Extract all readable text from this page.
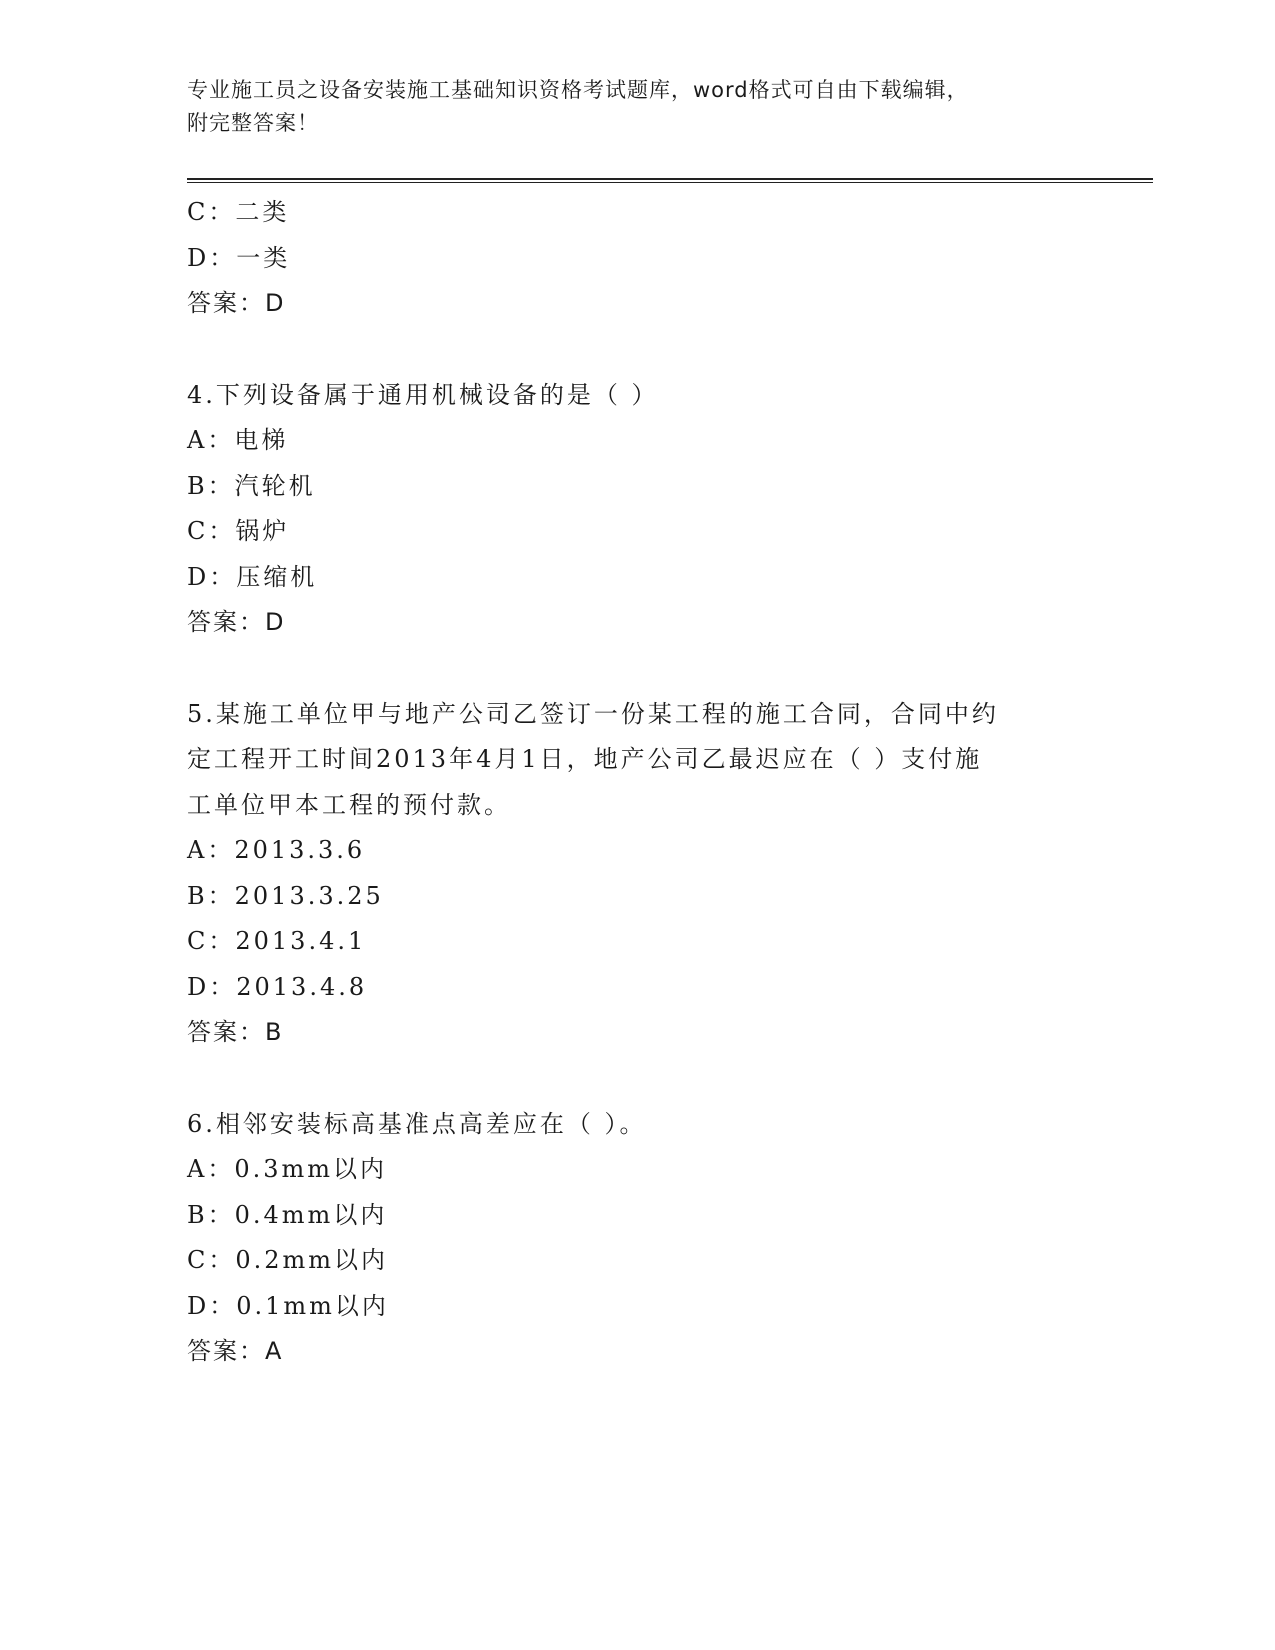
专业施工员之设备安装施工基础知识资格考试题库，word格式可自由下载编辑，
附完整答案！
C：二类
D：一类
答案：D
4.下列设备属于通用机械设备的是（ ）
A：电梯
B：汽轮机
C：锅炉
D：压缩机
答案：D
5.某施工单位甲与地产公司乙签订一份某工程的施工合同，合同中约
定工程开工时间2013年4月1日，地产公司乙最迟应在（ ）支付施
工单位甲本工程的预付款。
A：2013.3.6
B：2013.3.25
C：2013.4.1
D：2013.4.8
答案：B
6.相邻安装标高基准点高差应在（ ）。
A：0.3mm以内
B：0.4mm以内
C：0.2mm以内
D：0.1mm以内
答案：A
